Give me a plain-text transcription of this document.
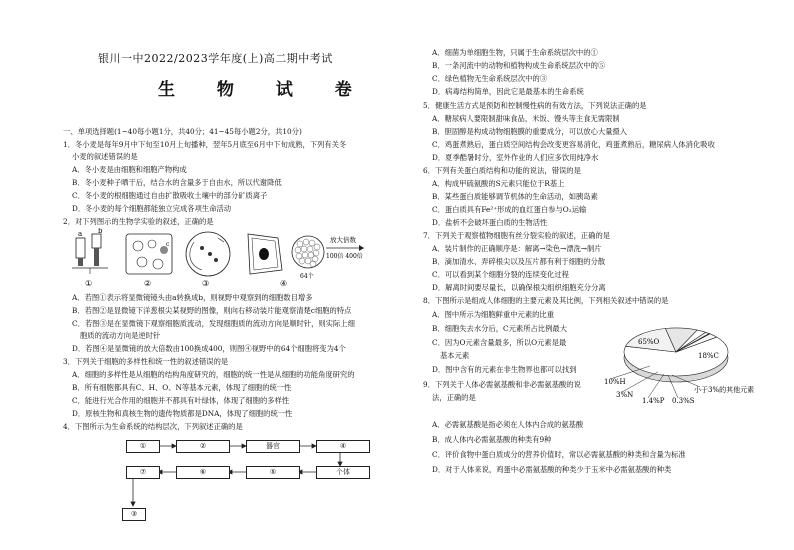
银川一中2022/2023学年度(上)高二期中考试
生 物 试 卷
一、单项选择题(1~40每小题1分，共40分；41~45每小题2分，共10分)
1．冬小麦是每年9月中下旬至10月上旬播种，翌年5月底至6月中下旬成熟，下列有关冬
小麦的叙述错误的是
A．冬小麦是由细胞和细胞产物构成
B．冬小麦种子晒干后，结合水的含量多于自由水，所以代谢降低
C．冬小麦的根细胞通过自由扩散吸收土壤中的部分矿质离子
D．冬小麦的每个细胞都能独立完成各项生命活动
2．对下列图示的生物学实验的叙述，正确的是
a b
①
c
②	③
64个
④
放大倍数
100倍 400倍
A．若图①表示将显微镜镜头由a转换成b，则视野中观察到的细胞数目增多
B．若图②是显微镜下洋葱根尖某视野的图像，则向右移动装片能观察清楚c细胞的特点
C．若图③是在显微镜下观察细胞质流动，发现细胞质的流动方向是顺时针，则实际上细
胞质的流动方向是逆时针
D．若图④是显微镜的放大倍数由100换成400，则图④视野中的64个细胞将变为4个
3．下列关于细胞的多样性和统一性的叙述错误的是
A．细胞的多样性是从细胞的结构角度研究的，细胞的统一性是从细胞的功能角度研究的
B．所有细胞都具有C、H、O、N等基本元素，体现了细胞的统一性
C．能进行光合作用的细胞并不都具有叶绿体，体现了细胞的多样性
D．原核生物和真核生物的遗传物质都是DNA，体现了细胞的统一性
4．下图所示为生命系统的结构层次，下列叙述正确的是
①	②	器官	④
个体
⑤
⑥
⑦
③
A．细菌为单细胞生物，只属于生命系统层次中的①
B．一条河流中的动物和植物构成生命系统层次中的⑤
C．绿色植物无生命系统层次中的③
D．病毒结构简单，因此它是最基本的生命系统
5．健康生活方式是预防和控制慢性病的有效方法，下列说法正确的是
A．糖尿病人要限制甜味食品，米饭、馒头等主食无需限制
B．胆固醇是构成动物细胞膜的重要成分，可以放心大量摄入
C．鸡蛋煮熟后，蛋白质空间结构会改变更容易消化，鸡蛋煮熟后，糖尿病人体消化吸收
D．夏季酷暑时分，室外作业的人们应多饮用纯净水
6．下列有关蛋白质结构和功能的说法，错误的是
A．构成甲硫氨酸的S元素只能位于R基上
B．某些蛋白质能够调节机体的生命活动，如胰岛素
C．蛋白质具有Fe²⁺形成的血红蛋白参与O₂运输
D．盐析不会破坏蛋白质的生物活性
7．下列关于观察植物细胞有丝分裂实验的叙述，正确的是
A．装片制作的正确顺序是：解离→染色→漂洗→制片
B．滴加清水、弄碎根尖以及压片都有利于细胞的分散
C．可以看到某个细胞分裂的连续变化过程
D．解离时间要尽量长，以确保根尖组织细胞充分分离
8．下图所示是组成人体细胞的主要元素及其比例，下列相关叙述中错误的是
A．图中所示为细胞鲜重中元素的比重
B．细胞失去水分后，C元素所占比例最大
C．因为O元素含量最多，所以O元素是最
基本元素
D．图中含有的元素在非生物界也都可以找到
9．下列关于人体必需氨基酸和非必需氨基酸的说
法，正确的是
A．必需氨基酸是指必须在人体内合成的氨基酸
B．成人体内必需氨基酸的种类有9种
C．评价食物中蛋白质成分的营养价值时，常以必需氨基酸的种类和含量为标准
D．对于人体来说，鸡蛋中必需氨基酸的种类少于玉米中必需氨基酸的种类
65%O
18%C
10%H
3%N
1.4%P 0.3%S
小于3%的其他元素
